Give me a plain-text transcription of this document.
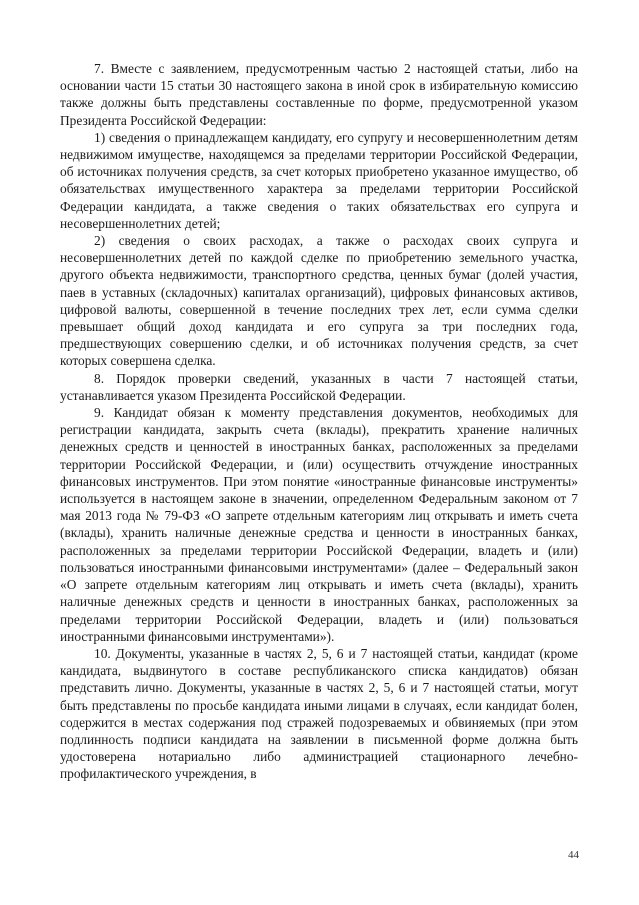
7. Вместе с заявлением, предусмотренным частью 2 настоящей статьи, либо на основании части 15 статьи 30 настоящего закона в иной срок в избирательную комиссию также должны быть представлены составленные по форме, предусмотренной указом Президента Российской Федерации:

1) сведения о принадлежащем кандидату, его супругу и несовершеннолетним детям недвижимом имуществе, находящемся за пределами территории Российской Федерации, об источниках получения средств, за счет которых приобретено указанное имущество, об обязательствах имущественного характера за пределами территории Российской Федерации кандидата, а также сведения о таких обязательствах его супруга и несовершеннолетних детей;

2) сведения о своих расходах, а также о расходах своих супруга и несовершеннолетних детей по каждой сделке по приобретению земельного участка, другого объекта недвижимости, транспортного средства, ценных бумаг (долей участия, паев в уставных (складочных) капиталах организаций), цифровых финансовых активов, цифровой валюты, совершенной в течение последних трех лет, если сумма сделки превышает общий доход кандидата и его супруга за три последних года, предшествующих совершению сделки, и об источниках получения средств, за счет которых совершена сделка.

8. Порядок проверки сведений, указанных в части 7 настоящей статьи, устанавливается указом Президента Российской Федерации.

9. Кандидат обязан к моменту представления документов, необходимых для регистрации кандидата, закрыть счета (вклады), прекратить хранение наличных денежных средств и ценностей в иностранных банках, расположенных за пределами территории Российской Федерации, и (или) осуществить отчуждение иностранных финансовых инструментов. При этом понятие «иностранные финансовые инструменты» используется в настоящем законе в значении, определенном Федеральным законом от 7 мая 2013 года № 79-ФЗ «О запрете отдельным категориям лиц открывать и иметь счета (вклады), хранить наличные денежные средства и ценности в иностранных банках, расположенных за пределами территории Российской Федерации, владеть и (или) пользоваться иностранными финансовыми инструментами» (далее – Федеральный закон «О запрете отдельным категориям лиц открывать и иметь счета (вклады), хранить наличные денежных средств и ценности в иностранных банках, расположенных за пределами территории Российской Федерации, владеть и (или) пользоваться иностранными финансовыми инструментами»).

10. Документы, указанные в частях 2, 5, 6 и 7 настоящей статьи, кандидат (кроме кандидата, выдвинутого в составе республиканского списка кандидатов) обязан представить лично. Документы, указанные в частях 2, 5, 6 и 7 настоящей статьи, могут быть представлены по просьбе кандидата иными лицами в случаях, если кандидат болен, содержится в местах содержания под стражей подозреваемых и обвиняемых (при этом подлинность подписи кандидата на заявлении в письменной форме должна быть удостоверена нотариально либо администрацией стационарного лечебно-профилактического учреждения, в

44
